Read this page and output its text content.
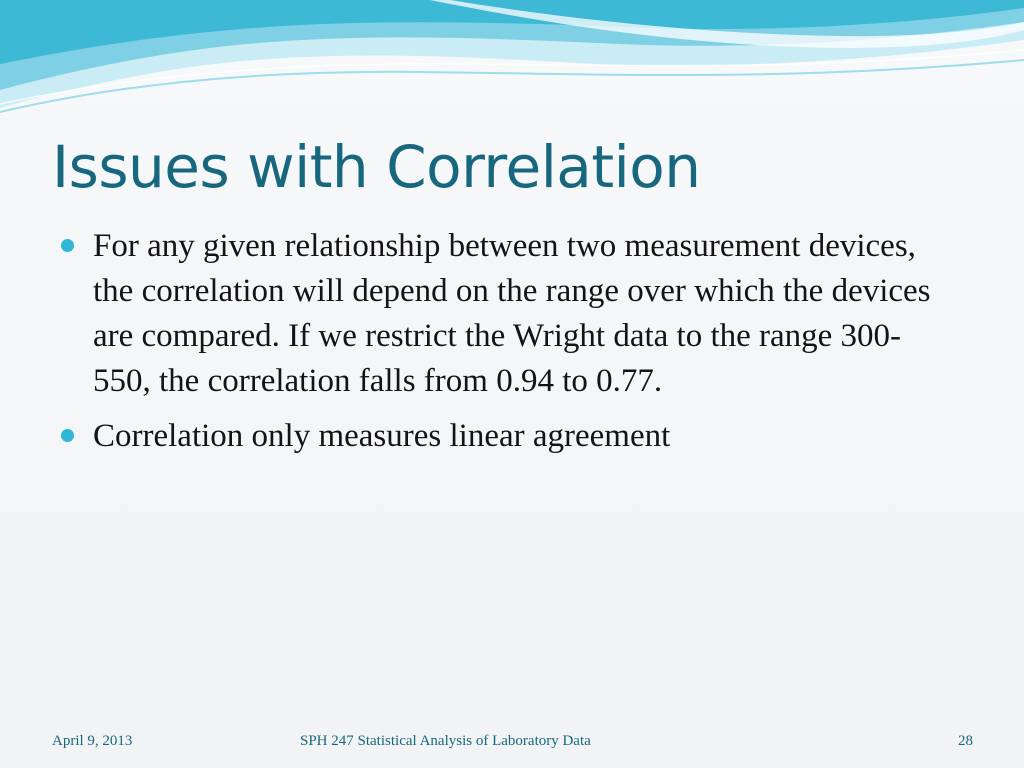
Issues with Correlation
For any given relationship between two measurement devices, the correlation will depend on the range over which the devices are compared. If we restrict the Wright data to the range 300-550, the correlation falls from 0.94 to 0.77.
Correlation only measures linear agreement
April 9, 2013	SPH 247 Statistical Analysis of Laboratory Data	28
